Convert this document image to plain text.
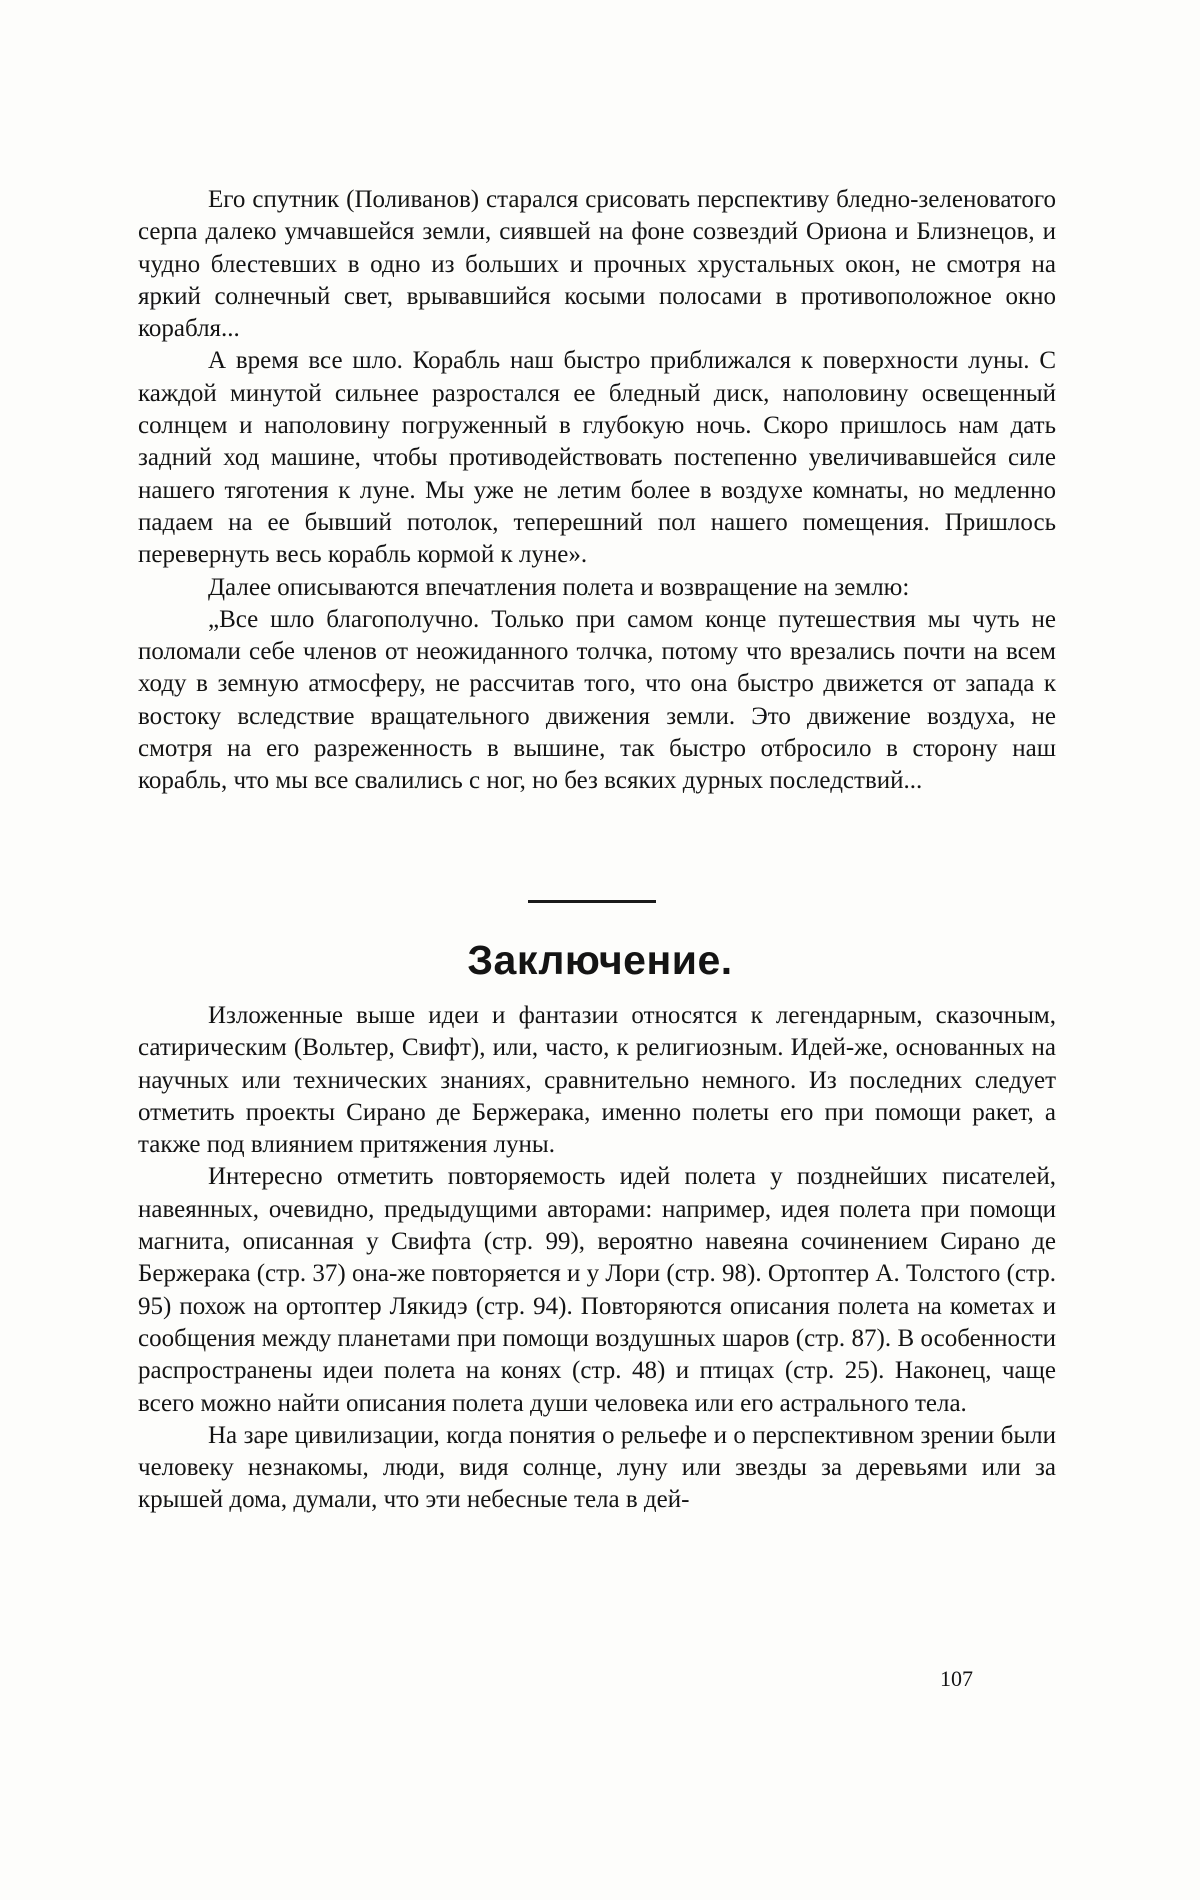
Его спутник (Поливанов) старался срисовать перспективу бледно-зеленоватого серпа далеко умчавшейся земли, сиявшей на фоне созвездий Ориона и Близнецов, и чудно блестевших в одно из больших и прочных хрустальных окон, не смотря на яркий солнечный свет, врывавшийся косыми полосами в противоположное окно корабля...

А время все шло. Корабль наш быстро приближался к поверхности луны. С каждой минутой сильнее разростался ее бледный диск, наполовину освещенный солнцем и наполовину погруженный в глубокую ночь. Скоро пришлось нам дать задний ход машине, чтобы противодействовать постепенно увеличивавшейся силе нашего тяготения к луне. Мы уже не летим более в воздухе комнаты, но медленно падаем на ее бывший потолок, теперешний пол нашего помещения. Пришлось перевернуть весь корабль кормой к луне».

Далее описываются впечатления полета и возвращение на землю:

„Все шло благополучно. Только при самом конце путешествия мы чуть не поломали себе членов от неожиданного толчка, потому что врезались почти на всем ходу в земную атмосферу, не рассчитав того, что она быстро движется от запада к востоку вследствие вращательного движения земли. Это движение воздуха, не смотря на его разреженность в вышине, так быстро отбросило в сторону наш корабль, что мы все свалились с ног, но без всяких дурных последствий...

Заключение.

Изложенные выше идеи и фантазии относятся к легендарным, сказочным, сатирическим (Вольтер, Свифт), или, часто, к религиозным. Идей-же, основанных на научных или технических знаниях, сравнительно немного. Из последних следует отметить проекты Сирано де Бержерака, именно полеты его при помощи ракет, а также под влиянием притяжения луны.

Интересно отметить повторяемость идей полета у позднейших писателей, навеянных, очевидно, предыдущими авторами: например, идея полета при помощи магнита, описанная у Свифта (стр. 99), вероятно навеяна сочинением Сирано де Бержерака (стр. 37) она-же повторяется и у Лори (стр. 98). Ортоптер А. Толстого (стр. 95) похож на ортоптер Лякидэ (стр. 94). Повторяются описания полета на кометах и сообщения между планетами при помощи воздушных шаров (стр. 87). В особенности распространены идеи полета на конях (стр. 48) и птицах (стр. 25). Наконец, чаще всего можно найти описания полета души человека или его астрального тела.

На заре цивилизации, когда понятия о рельефе и о перспективном зрении были человеку незнакомы, люди, видя солнце, луну или звезды за деревьями или за крышей дома, думали, что эти небесные тела в дей-

107
